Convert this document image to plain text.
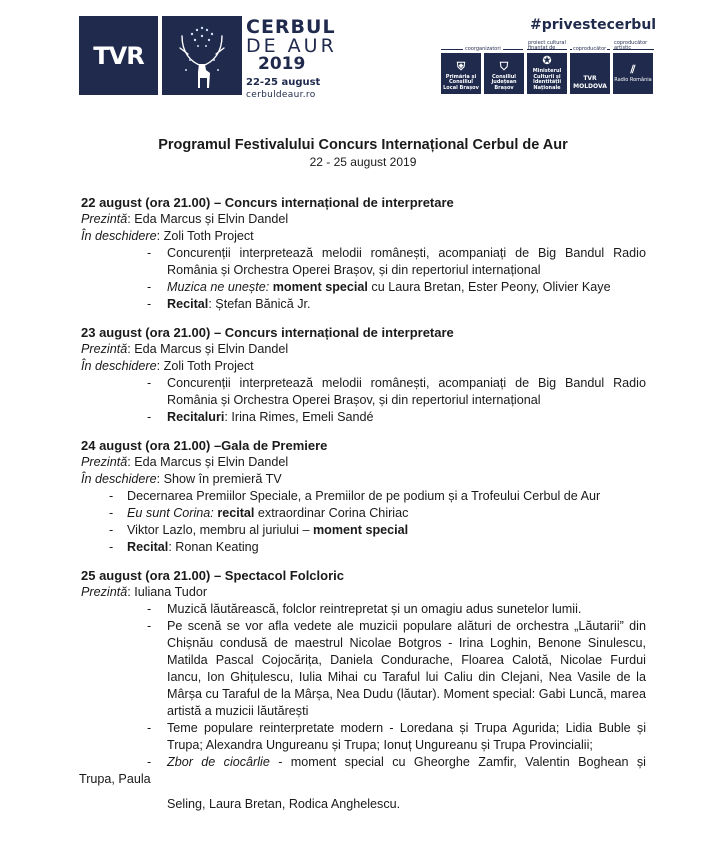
TVR
CERBUL
DE AUR
2019
22-25 august
cerbuldeaur.ro
#privestecerbul
coorganizatori
proiect cultural finanțat de	coproducător
coproducător artistic
⛨
Primăria și Consiliul Local Brașov
⛉
Consiliul Județean Brașov
✪
Ministerul Culturii și Identității Naționale
TVR MOLDOVA
⫽
Radio România
Programul Festivalului Concurs Internațional Cerbul de Aur
22 - 25 august 2019
22 august (ora 21.00) – Concurs internațional de interpretare
Prezintă: Eda Marcus și Elvin Dandel
În deschidere: Zoli Toth Project
- Concurenții interpretează melodii românești, acompaniați de Big Bandul Radio România și Orchestra Operei Brașov, și din repertoriul internațional
- Muzica ne unește: moment special cu Laura Bretan, Ester Peony, Olivier Kaye
- Recital: Ștefan Bănică Jr.
23 august (ora 21.00) – Concurs internațional de interpretare
Prezintă: Eda Marcus și Elvin Dandel
În deschidere: Zoli Toth Project
- Concurenții interpretează melodii românești, acompaniați de Big Bandul Radio România și Orchestra Operei Brașov, și din repertoriul internațional
- Recitaluri: Irina Rimes, Emeli Sandé
24 august (ora 21.00) –Gala de Premiere
Prezintă: Eda Marcus și Elvin Dandel
În deschidere: Show în premieră TV
- Decernarea Premiilor Speciale, a Premiilor de pe podium și a Trofeului Cerbul de Aur
- Eu sunt Corina: recital extraordinar Corina Chiriac
- Viktor Lazlo, membru al juriului – moment special
- Recital: Ronan Keating
25 august (ora 21.00) – Spectacol Folcloric
Prezintă: Iuliana Tudor
- Muzică lăutărească, folclor reintrepretat și un omagiu adus sunetelor lumii.
- Pe scenă se vor afla vedete ale muzicii populare alături de orchestra „Lăutarii” din Chișnău condusă de maestrul Nicolae Botgros - Irina Loghin, Benone Sinulescu, Matilda Pascal Cojocărița, Daniela Condurache, Floarea Calotă, Nicolae Furdui Iancu, Ion Ghițulescu, Iulia Mihai cu Taraful lui Caliu din Clejani, Nea Vasile de la Mârșa cu Taraful de la Mârșa, Nea Dudu (lăutar). Moment special: Gabi Luncă, marea artistă a muzicii lăutărești
- Teme populare reinterpretate modern - Loredana și Trupa Agurida; Lidia Buble și Trupa; Alexandra Ungureanu și Trupa; Ionuț Ungureanu și Trupa Provincialii;
- Zbor de ciocârlie - moment special cu Gheorghe Zamfir, Valentin Boghean și
Trupa, Paula
Seling, Laura Bretan, Rodica Anghelescu.
